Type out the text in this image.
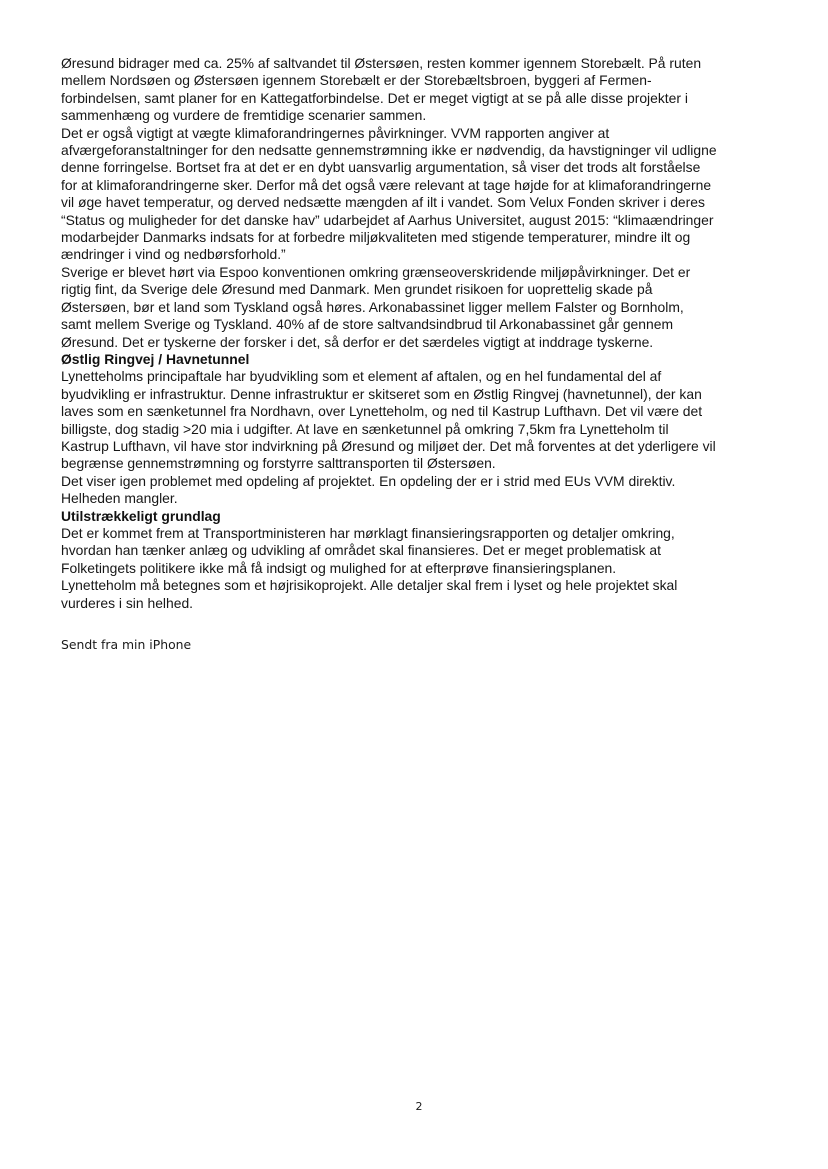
Øresund bidrager med ca. 25% af saltvandet til Østersøen, resten kommer igennem Storebælt. På ruten
mellem Nordsøen og Østersøen igennem Storebælt er der Storebæltsbroen, byggeri af Fermen-
forbindelsen, samt planer for en Kattegatforbindelse. Det er meget vigtigt at se på alle disse projekter i
sammenhæng og vurdere de fremtidige scenarier sammen.

Det er også vigtigt at vægte klimaforandringernes påvirkninger. VVM rapporten angiver at
afværgeforanstaltninger for den nedsatte gennemstrømning ikke er nødvendig, da havstigninger vil udligne
denne forringelse. Bortset fra at det er en dybt uansvarlig argumentation, så viser det trods alt forståelse
for at klimaforandringerne sker. Derfor må det også være relevant at tage højde for at klimaforandringerne
vil øge havet temperatur, og derved nedsætte mængden af ilt i vandet. Som Velux Fonden skriver i deres
“Status og muligheder for det danske hav” udarbejdet af Aarhus Universitet, august 2015: “klimaændringer
modarbejder Danmarks indsats for at forbedre miljøkvaliteten med stigende temperaturer, mindre ilt og
ændringer i vind og nedbørsforhold.”

Sverige er blevet hørt via Espoo konventionen omkring grænseoverskridende miljøpåvirkninger. Det er
rigtig fint, da Sverige dele Øresund med Danmark. Men grundet risikoen for uoprettelig skade på
Østersøen, bør et land som Tyskland også høres. Arkonabassinet ligger mellem Falster og Bornholm,
samt mellem Sverige og Tyskland. 40% af de store saltvandsindbrud til Arkonabassinet går gennem
Øresund. Det er tyskerne der forsker i det, så derfor er det særdeles vigtigt at inddrage tyskerne.

Østlig Ringvej / Havnetunnel

Lynetteholms principaftale har byudvikling som et element af aftalen, og en hel fundamental del af
byudvikling er infrastruktur. Denne infrastruktur er skitseret som en Østlig Ringvej (havnetunnel), der kan
laves som en sænketunnel fra Nordhavn, over Lynetteholm, og ned til Kastrup Lufthavn. Det vil være det
billigste, dog stadig >20 mia i udgifter. At lave en sænketunnel på omkring 7,5km fra Lynetteholm til
Kastrup Lufthavn, vil have stor indvirkning på Øresund og miljøet der. Det må forventes at det yderligere vil
begrænse gennemstrømning og forstyrre salttransporten til Østersøen.

Det viser igen problemet med opdeling af projektet. En opdeling der er i strid med EUs VVM direktiv.
Helheden mangler.

Utilstrækkeligt grundlag

Det er kommet frem at Transportministeren har mørklagt finansieringsrapporten og detaljer omkring,
hvordan han tænker anlæg og udvikling af området skal finansieres. Det er meget problematisk at
Folketingets politikere ikke må få indsigt og mulighed for at efterprøve finansieringsplanen.

Lynetteholm må betegnes som et højrisikoprojekt. Alle detaljer skal frem i lyset og hele projektet skal
vurderes i sin helhed.

Sendt fra min iPhone
2
